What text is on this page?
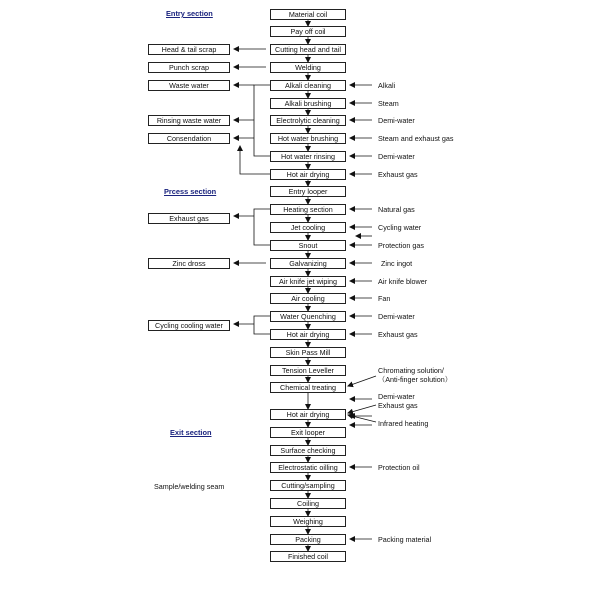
Entry section
Prcess section
Exit section
Sample/welding seam
Material coil
Pay off coil
Cutting head and tail
Welding
Alkali cleaning
Alkali brushing
Electrolytic cleaning
Hot water brushing
Hot water rinsing
Hot air drying
Entry looper
Heating section
Jet cooling
Snout
Galvanizing
Air knife jet wiping
Air cooling
Water Quenching
Hot air drying
Skin Pass Mill
Tension Leveller
Chemical treating
Hot air drying
Exit looper
Surface checking
Electrostatic oilling
Cutting/sampling
Coiling
Weighing
Packing
Finished coil
Head & tail scrap
Punch scrap
Waste water
Rinsing waste water
Consendation
Exhaust gas
Zinc dross
Cycling cooling water
Alkali
Steam
Demi-water
Steam and exhaust gas
Demi-water
Exhaust gas
Natural gas
Cycling water
Protection gas
Zinc ingot
Air knife blower
Fan
Demi-water
Exhaust gas
Chromating solution/
（Anti-finger solution）
Demi-water
Exhaust gas
Infrared heating
Protection oil
Packing material
